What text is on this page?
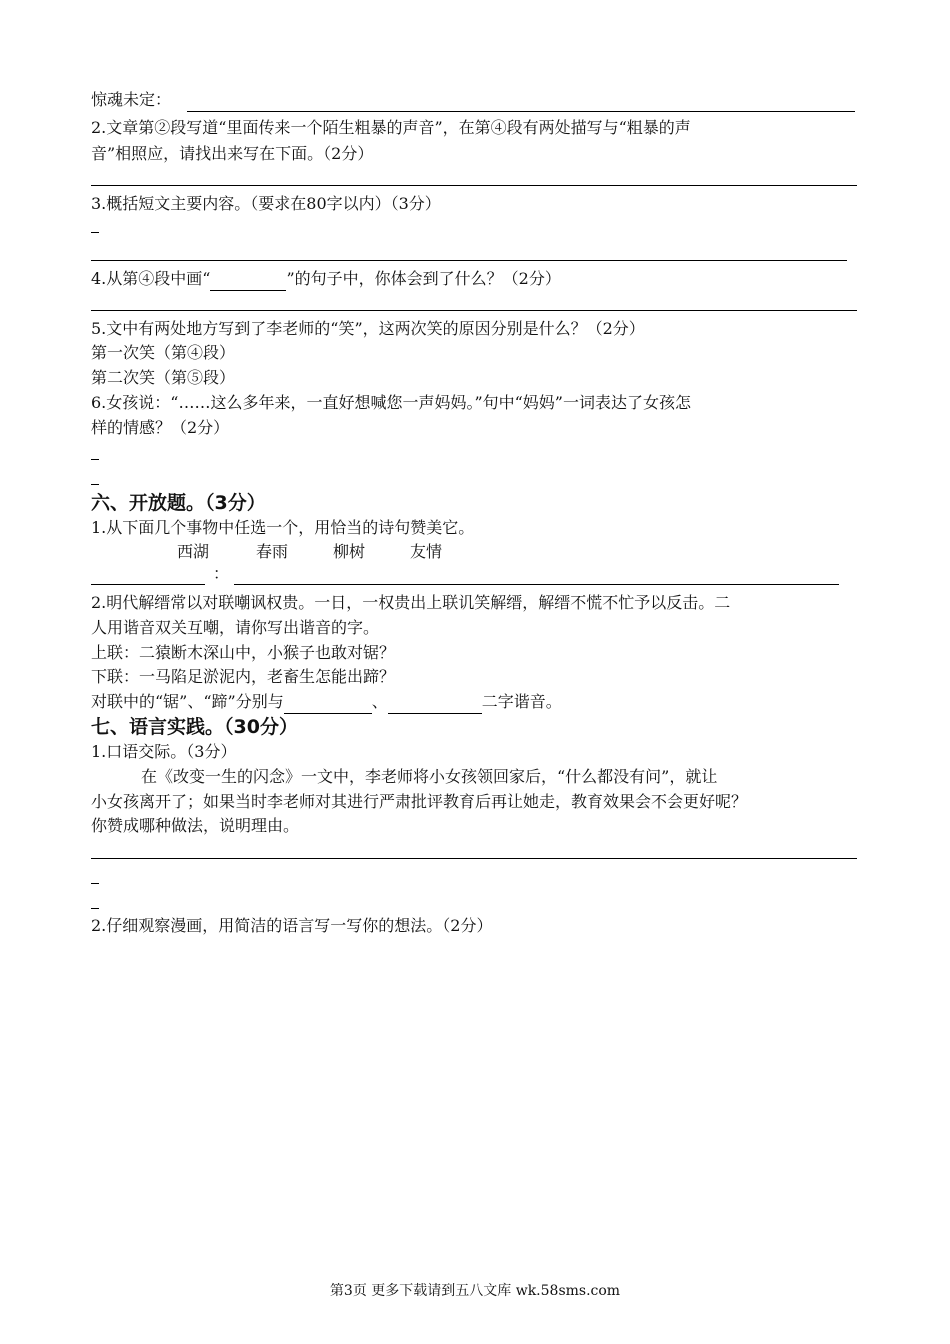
惊魂未定：
2.文章第②段写道“里面传来一个陌生粗暴的声音”，在第④段有两处描写与“粗暴的声
音”相照应，请找出来写在下面。（2分）
3.概括短文主要内容。（要求在80字以内）（3分）
4.从第④段中画“	”的句子中，你体会到了什么？（2分）
5.文中有两处地方写到了李老师的“笑”，这两次笑的原因分别是什么？（2分）
第一次笑（第④段）
第二次笑（第⑤段）
6.女孩说：“……这么多年来，一直好想喊您一声妈妈。”句中“妈妈”一词表达了女孩怎
样的情感？（2分）
六、开放题。（3分）
1.从下面几个事物中任选一个，用恰当的诗句赞美它。
西湖	春雨	柳树	友情
：
2.明代解缙常以对联嘲讽权贵。一日，一权贵出上联讥笑解缙，解缙不慌不忙予以反击。二
人用谐音双关互嘲，请你写出谐音的字。
上联：二猿断木深山中，小猴子也敢对锯？
下联：一马陷足淤泥内，老畜生怎能出蹄？
对联中的“锯”、“蹄”分别与	、	二字谐音。
七、语言实践。（30分）
1.口语交际。（3分）
在《改变一生的闪念》一文中，李老师将小女孩领回家后，“什么都没有问”，就让
小女孩离开了；如果当时李老师对其进行严肃批评教育后再让她走，教育效果会不会更好呢？
你赞成哪种做法，说明理由。
2.仔细观察漫画，用简洁的语言写一写你的想法。（2分）
第3页 更多下载请到五八文库 wk.58sms.com
